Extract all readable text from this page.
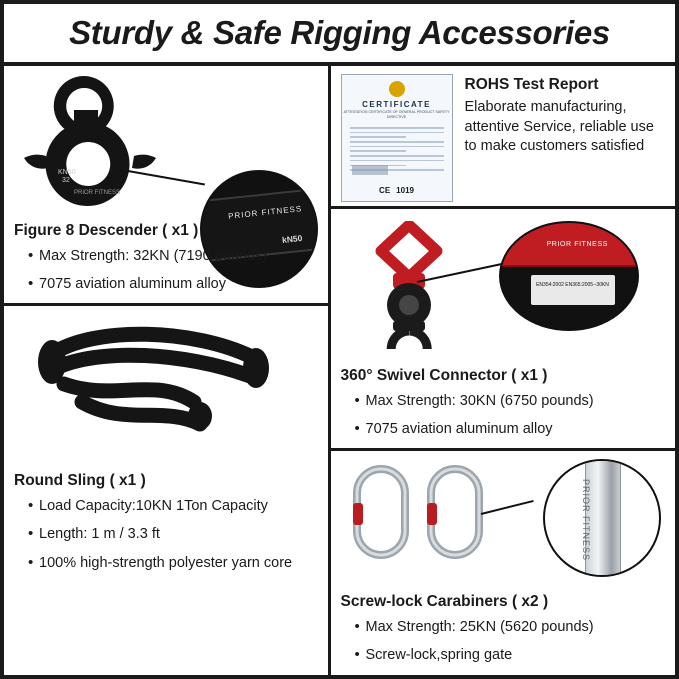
Sturdy & Safe Rigging Accessories
KN50
32
PRIOR FITNESS
PRIOR FITNESS
kN50
Figure 8 Descender ( x1 )
• Max Strength: 32KN (7190 pounds)
• 7075 aviation aluminum alloy
Round Sling ( x1 )
• Load Capacity:10KN 1Ton Capacity
• Length: 1 m / 3.3 ft
• 100% high-strength polyester yarn core
CERTIFICATE
ATTESTATION CERTIFICATE OF GENERAL PRODUCT SAFETY DIRECTIVE
CE 1019
ROHS Test Report

Elaborate manufacturing, attentive Service, reliable use to make customers satisfied

PRIOR FITNESS
EN354:2002 EN365:2005--30KN
360° Swivel Connector ( x1 )
• Max Strength: 30KN (6750 pounds)
• 7075 aviation aluminum alloy
PRIOR FITNESS
Screw-lock Carabiners ( x2 )
• Max Strength: 25KN (5620 pounds)
• Screw-lock,spring gate
